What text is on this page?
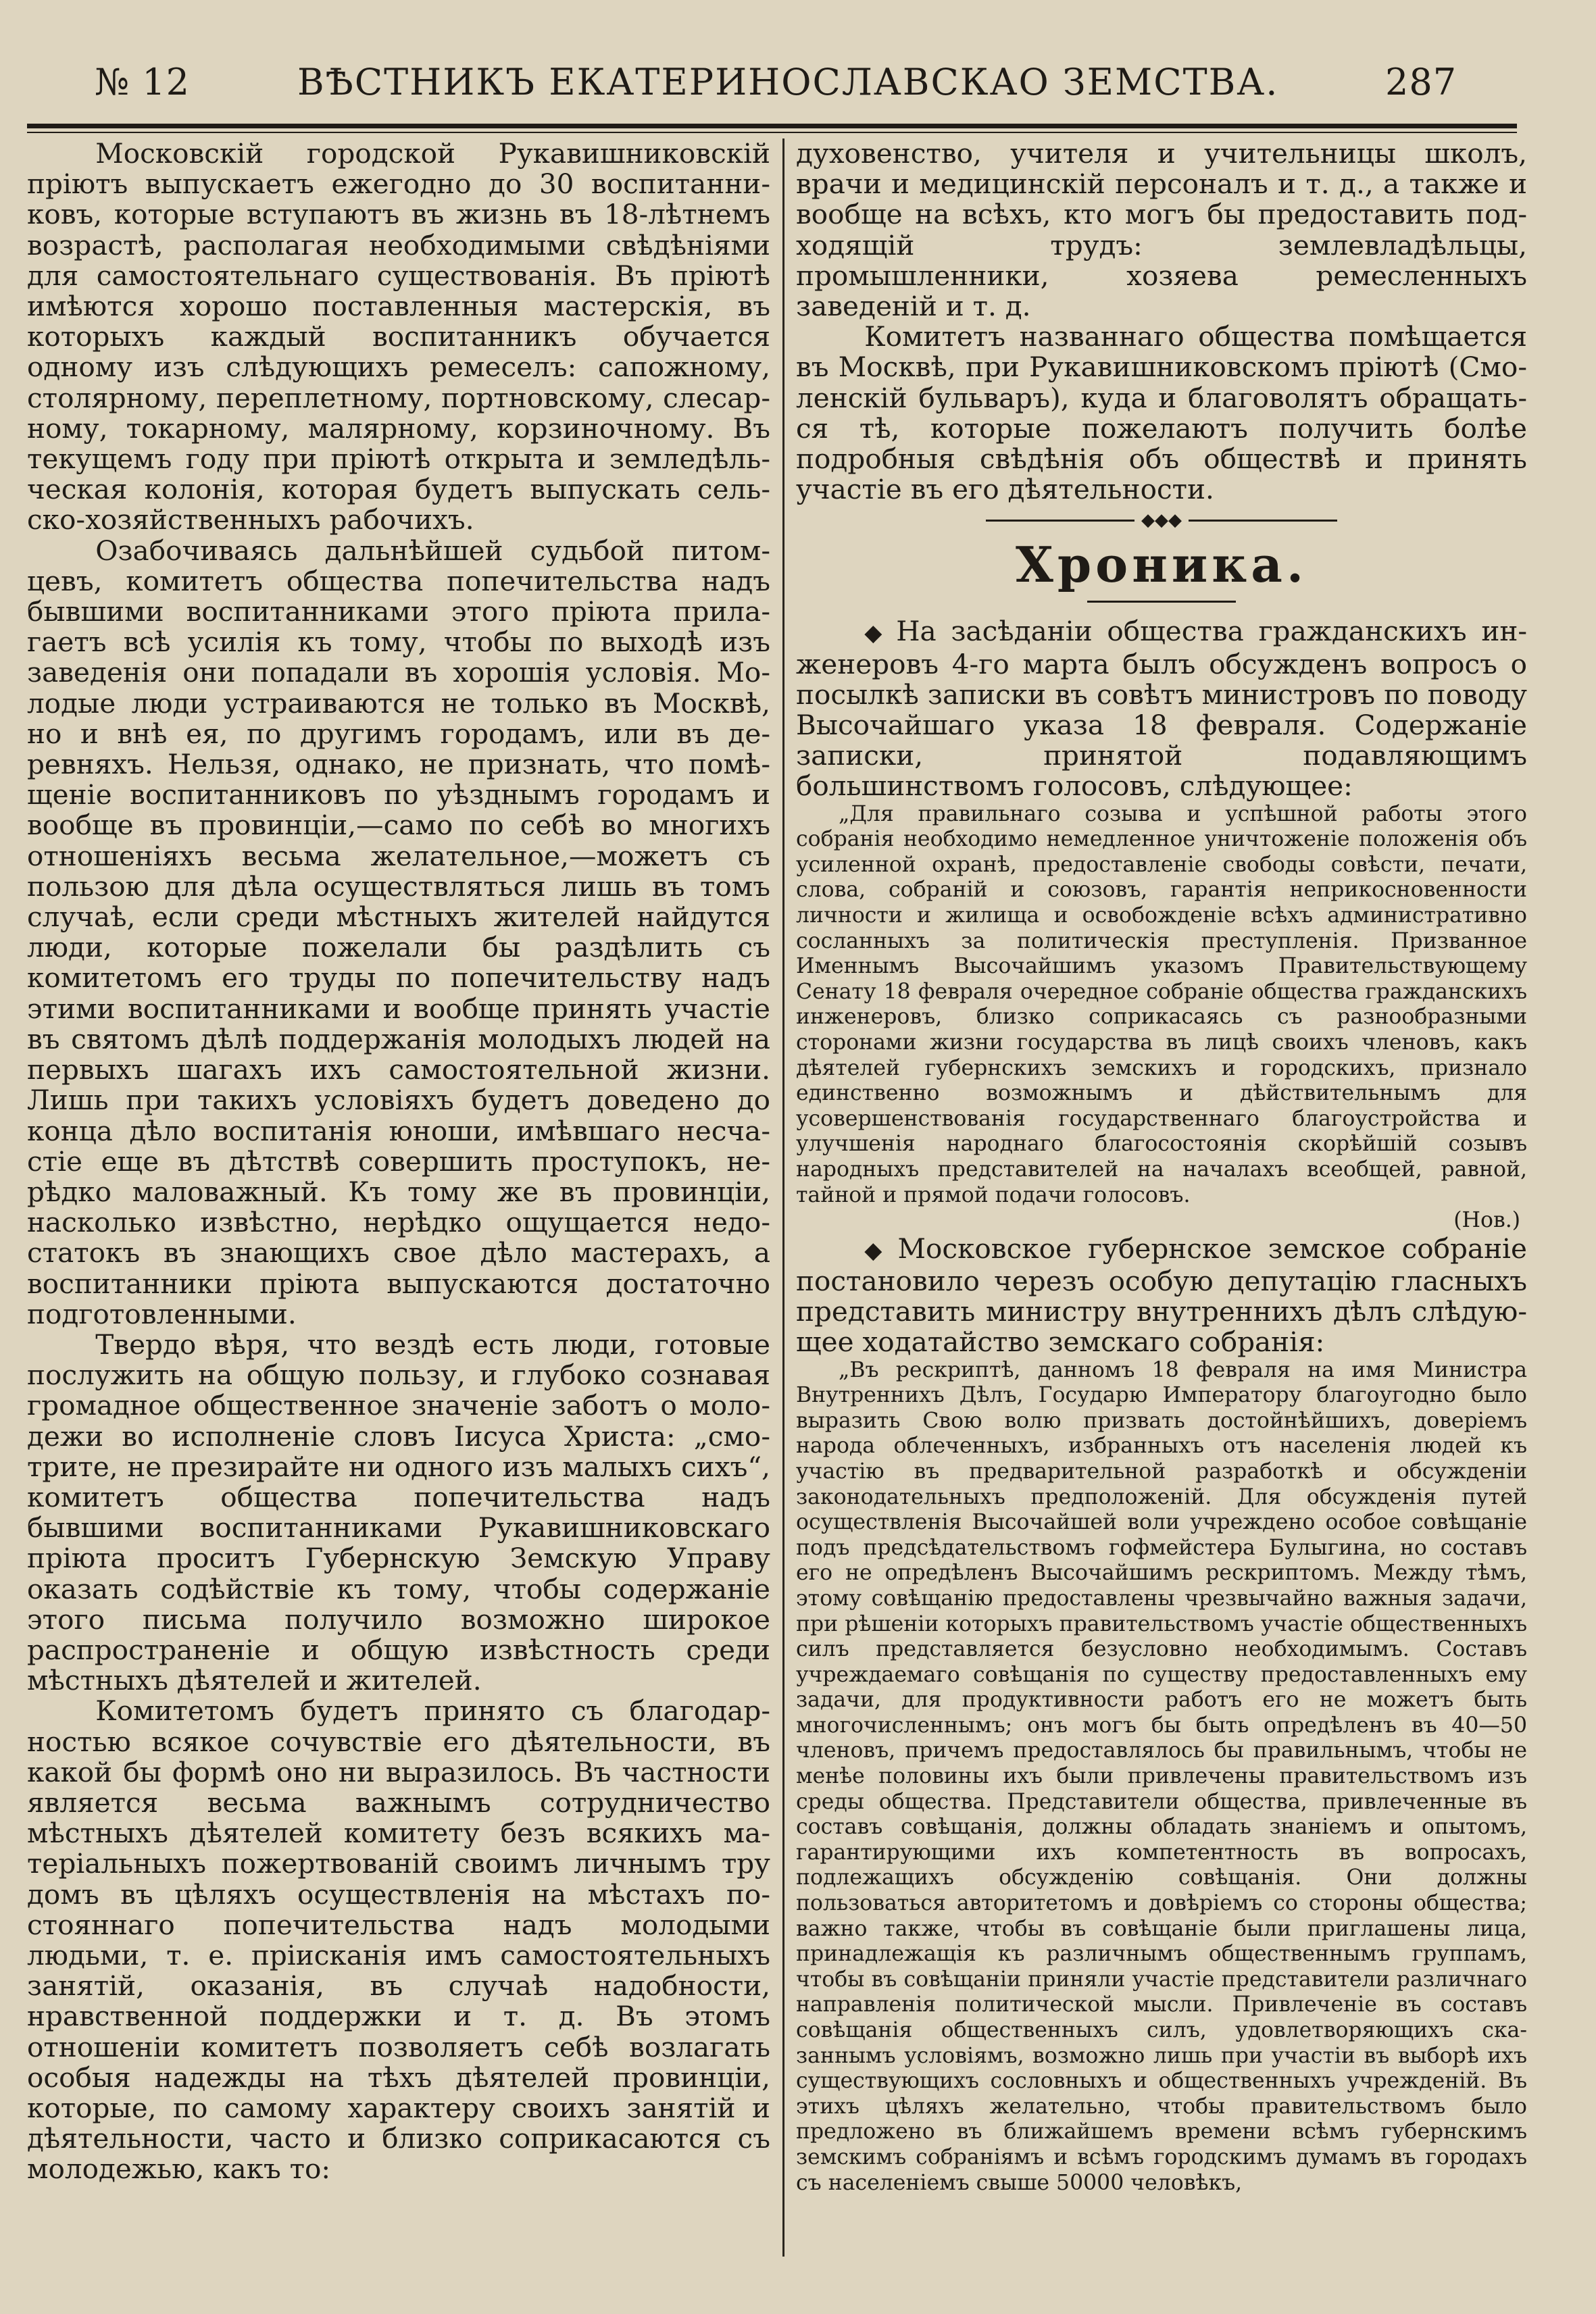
№ 12	ВѢСТНИКЪ ЕКАТЕРИНОСЛАВСКАО ЗЕМСТВА.	287

Московскій городской Рукавишниковскій пріютъ выпускаетъ ежегодно до 30 воспитанниковъ, которые вступаютъ въ жизнь въ 18-лѣтнемъ возрастѣ, располагая необходимыми свѣдѣніями для самостоятельнаго существованія. Въ пріютѣ имѣются хорошо поставленныя мастерскія, въ которыхъ каждый воспитанникъ обучается одному изъ слѣдующихъ ремеселъ: сапожному, столярному, переплетному, портновскому, слесарному, токарному, малярному, корзиночному. Въ текущемъ году при пріютѣ открыта и земледѣльческая колонія, которая будетъ выпускать сельско-хозяйственныхъ рабочихъ.

Озабочиваясь дальнѣйшей судьбой питомцевъ, комитетъ общества попечительства надъ бывшими воспитанниками этого пріюта прилагаетъ всѣ усилія къ тому, чтобы по выходѣ изъ заведенія они попадали въ хорошія условія. Молодые люди устраиваются не только въ Москвѣ, но и внѣ ея, по другимъ городамъ, или въ деревняхъ. Нельзя, однако, не признать, что помѣщеніе воспитанниковъ по уѣзднымъ городамъ и вообще въ провинціи,—само по себѣ во многихъ отношеніяхъ весьма желательное,—можетъ съ пользою для дѣла осуществляться лишь въ томъ случаѣ, если среди мѣстныхъ жителей найдутся люди, которые пожелали бы раздѣлить съ комитетомъ его труды по попечительству надъ этими воспитанниками и вообще принять участіе въ святомъ дѣлѣ поддержанія молодыхъ людей на первыхъ шагахъ ихъ самостоятельной жизни. Лишь при такихъ условіяхъ будетъ доведено до конца дѣло воспитанія юноши, имѣвшаго несчастіе еще въ дѣтствѣ совершить проступокъ, нерѣдко маловажный. Къ тому же въ провинціи, насколько извѣстно, нерѣдко ощущается недостатокъ въ знающихъ свое дѣло мастерахъ, а воспитанники пріюта выпускаются достаточно подготовленными.

Твердо вѣря, что вездѣ есть люди, готовые послужить на общую пользу, и глубоко сознавая громадное общественное значеніе заботъ о молодежи во исполненіе словъ Іисуса Христа: „смотрите, не презирайте ни одного изъ малыхъ сихъ“, комитетъ общества попечительства надъ бывшими воспитанниками Рукавишниковскаго пріюта проситъ Губернскую Земскую Управу оказать содѣйствіе къ тому, чтобы содержаніе этого письма получило возможно широкое распространеніе и общую извѣстность среди мѣстныхъ дѣятелей и жителей.

Комитетомъ будетъ принято съ благодарностью всякое сочувствіе его дѣятельности, въ какой бы формѣ оно ни выразилось. Въ частности является весьма важнымъ сотрудничество мѣстныхъ дѣятелей комитету безъ всякихъ матеріальныхъ пожертвованій своимъ личнымъ тру домъ въ цѣляхъ осуществленія на мѣстахъ постояннаго попечительства надъ молодыми людьми, т. е. пріисканія имъ самостоятельныхъ занятій, оказанія, въ случаѣ надобности, нравственной поддержки и т. д. Въ этомъ отношеніи комитетъ позволяетъ себѣ возлагать особыя надежды на тѣхъ дѣятелей провинціи, которые, по самому характеру своихъ занятій и дѣятельности, часто и близко соприкасаются съ молодежью, какъ то:

духовенство, учителя и учительницы школъ, врачи и медицинскій персоналъ и т. д., а также и вообще на всѣхъ, кто могъ бы предоставить подходящій трудъ: землевладѣльцы, промышленники, хозяева ремесленныхъ заведеній и т. д.

Комитетъ названнаго общества помѣщается въ Москвѣ, при Рукавишниковскомъ пріютѣ (Смоленскій бульваръ), куда и благоволятъ обращаться тѣ, которые пожелаютъ получить болѣе подробныя свѣдѣнія объ обществѣ и принять участіе въ его дѣятельности.

◆◆◆
Хроника.

◆ На засѣданіи общества гражданскихъ инженеровъ 4-го марта былъ обсужденъ вопросъ о посылкѣ записки въ совѣтъ министровъ по поводу Высочайшаго указа 18 февраля. Содержаніе записки, принятой подавляющимъ большинствомъ голосовъ, слѣдующее:

„Для правильнаго созыва и успѣшной работы этого собранія необходимо немедленное уничтоженіе положенія объ усиленной охранѣ, предоставленіе свободы совѣсти, печати, слова, собраній и союзовъ, гарантія неприкосновенности личности и жилища и освобожденіе всѣхъ административно сосланныхъ за политическія преступленія. Призванное Именнымъ Высочайшимъ указомъ Правительствующему Сенату 18 февраля очередное собраніе общества гражданскихъ инженеровъ, близко соприкасаясь съ разнообразными сторонами жизни государства въ лицѣ своихъ членовъ, какъ дѣятелей губернскихъ земскихъ и городскихъ, признало единственно возможнымъ и дѣйствительнымъ для усовершенствованія государственнаго благоустройства и улучшенія народнаго благосостоянія скорѣйшій созывъ народныхъ представителей на началахъ всеобщей, равной, тайной и прямой подачи голосовъ.

(Нов.)

◆ Московское губернское земское собраніе постановило черезъ особую депутацію гласныхъ представить министру внутреннихъ дѣлъ слѣдующее ходатайство земскаго собранія:

„Въ рескриптѣ, данномъ 18 февраля на имя Министра Внутреннихъ Дѣлъ, Государю Императору благоугодно было выразить Свою волю призвать достойнѣйшихъ, доверіемъ народа облеченныхъ, избранныхъ отъ населенія людей къ участію въ предварительной разработкѣ и обсужденіи законодательныхъ предположеній. Для обсужденія путей осуществленія Высочайшей воли учреждено особое совѣщаніе подъ предсѣдательствомъ гофмейстера Булыгина, но составъ его не опредѣленъ Высочайшимъ рескриптомъ. Между тѣмъ, этому совѣщанію предоставлены чрезвычайно важныя задачи, при рѣшеніи которыхъ правительствомъ участіе общественныхъ силъ представляется безусловно необходимымъ. Составъ учреждаемаго совѣщанія по существу предоставленныхъ ему задачи, для продуктивности работъ его не можетъ быть многочисленнымъ; онъ могъ бы быть опредѣленъ въ 40—50 членовъ, причемъ предоставлялось бы правильнымъ, чтобы не менѣе половины ихъ были привлечены правительствомъ изъ среды общества. Представители общества, привлеченные въ составъ совѣщанія, должны обладать знаніемъ и опытомъ, гарантирующими ихъ компетентность въ вопросахъ, подлежащихъ обсужденію совѣщанія. Они должны пользоваться авторитетомъ и довѣріемъ со стороны общества; важно также, чтобы въ совѣщаніе были приглашены лица, принадлежащія къ различнымъ общественнымъ группамъ, чтобы въ совѣщаніи приняли участіе представители различнаго направленія политической мысли. Привлеченіе въ составъ совѣщанія общественныхъ силъ, удовлетворяющихъ сказаннымъ условіямъ, возможно лишь при участіи въ выборѣ ихъ существующихъ сословныхъ и общественныхъ учрежденій. Въ этихъ цѣляхъ желательно, чтобы правительствомъ было предложено въ ближайшемъ времени всѣмъ губернскимъ земскимъ собраніямъ и всѣмъ городскимъ думамъ въ городахъ съ населеніемъ свыше 50000 человѣкъ,
